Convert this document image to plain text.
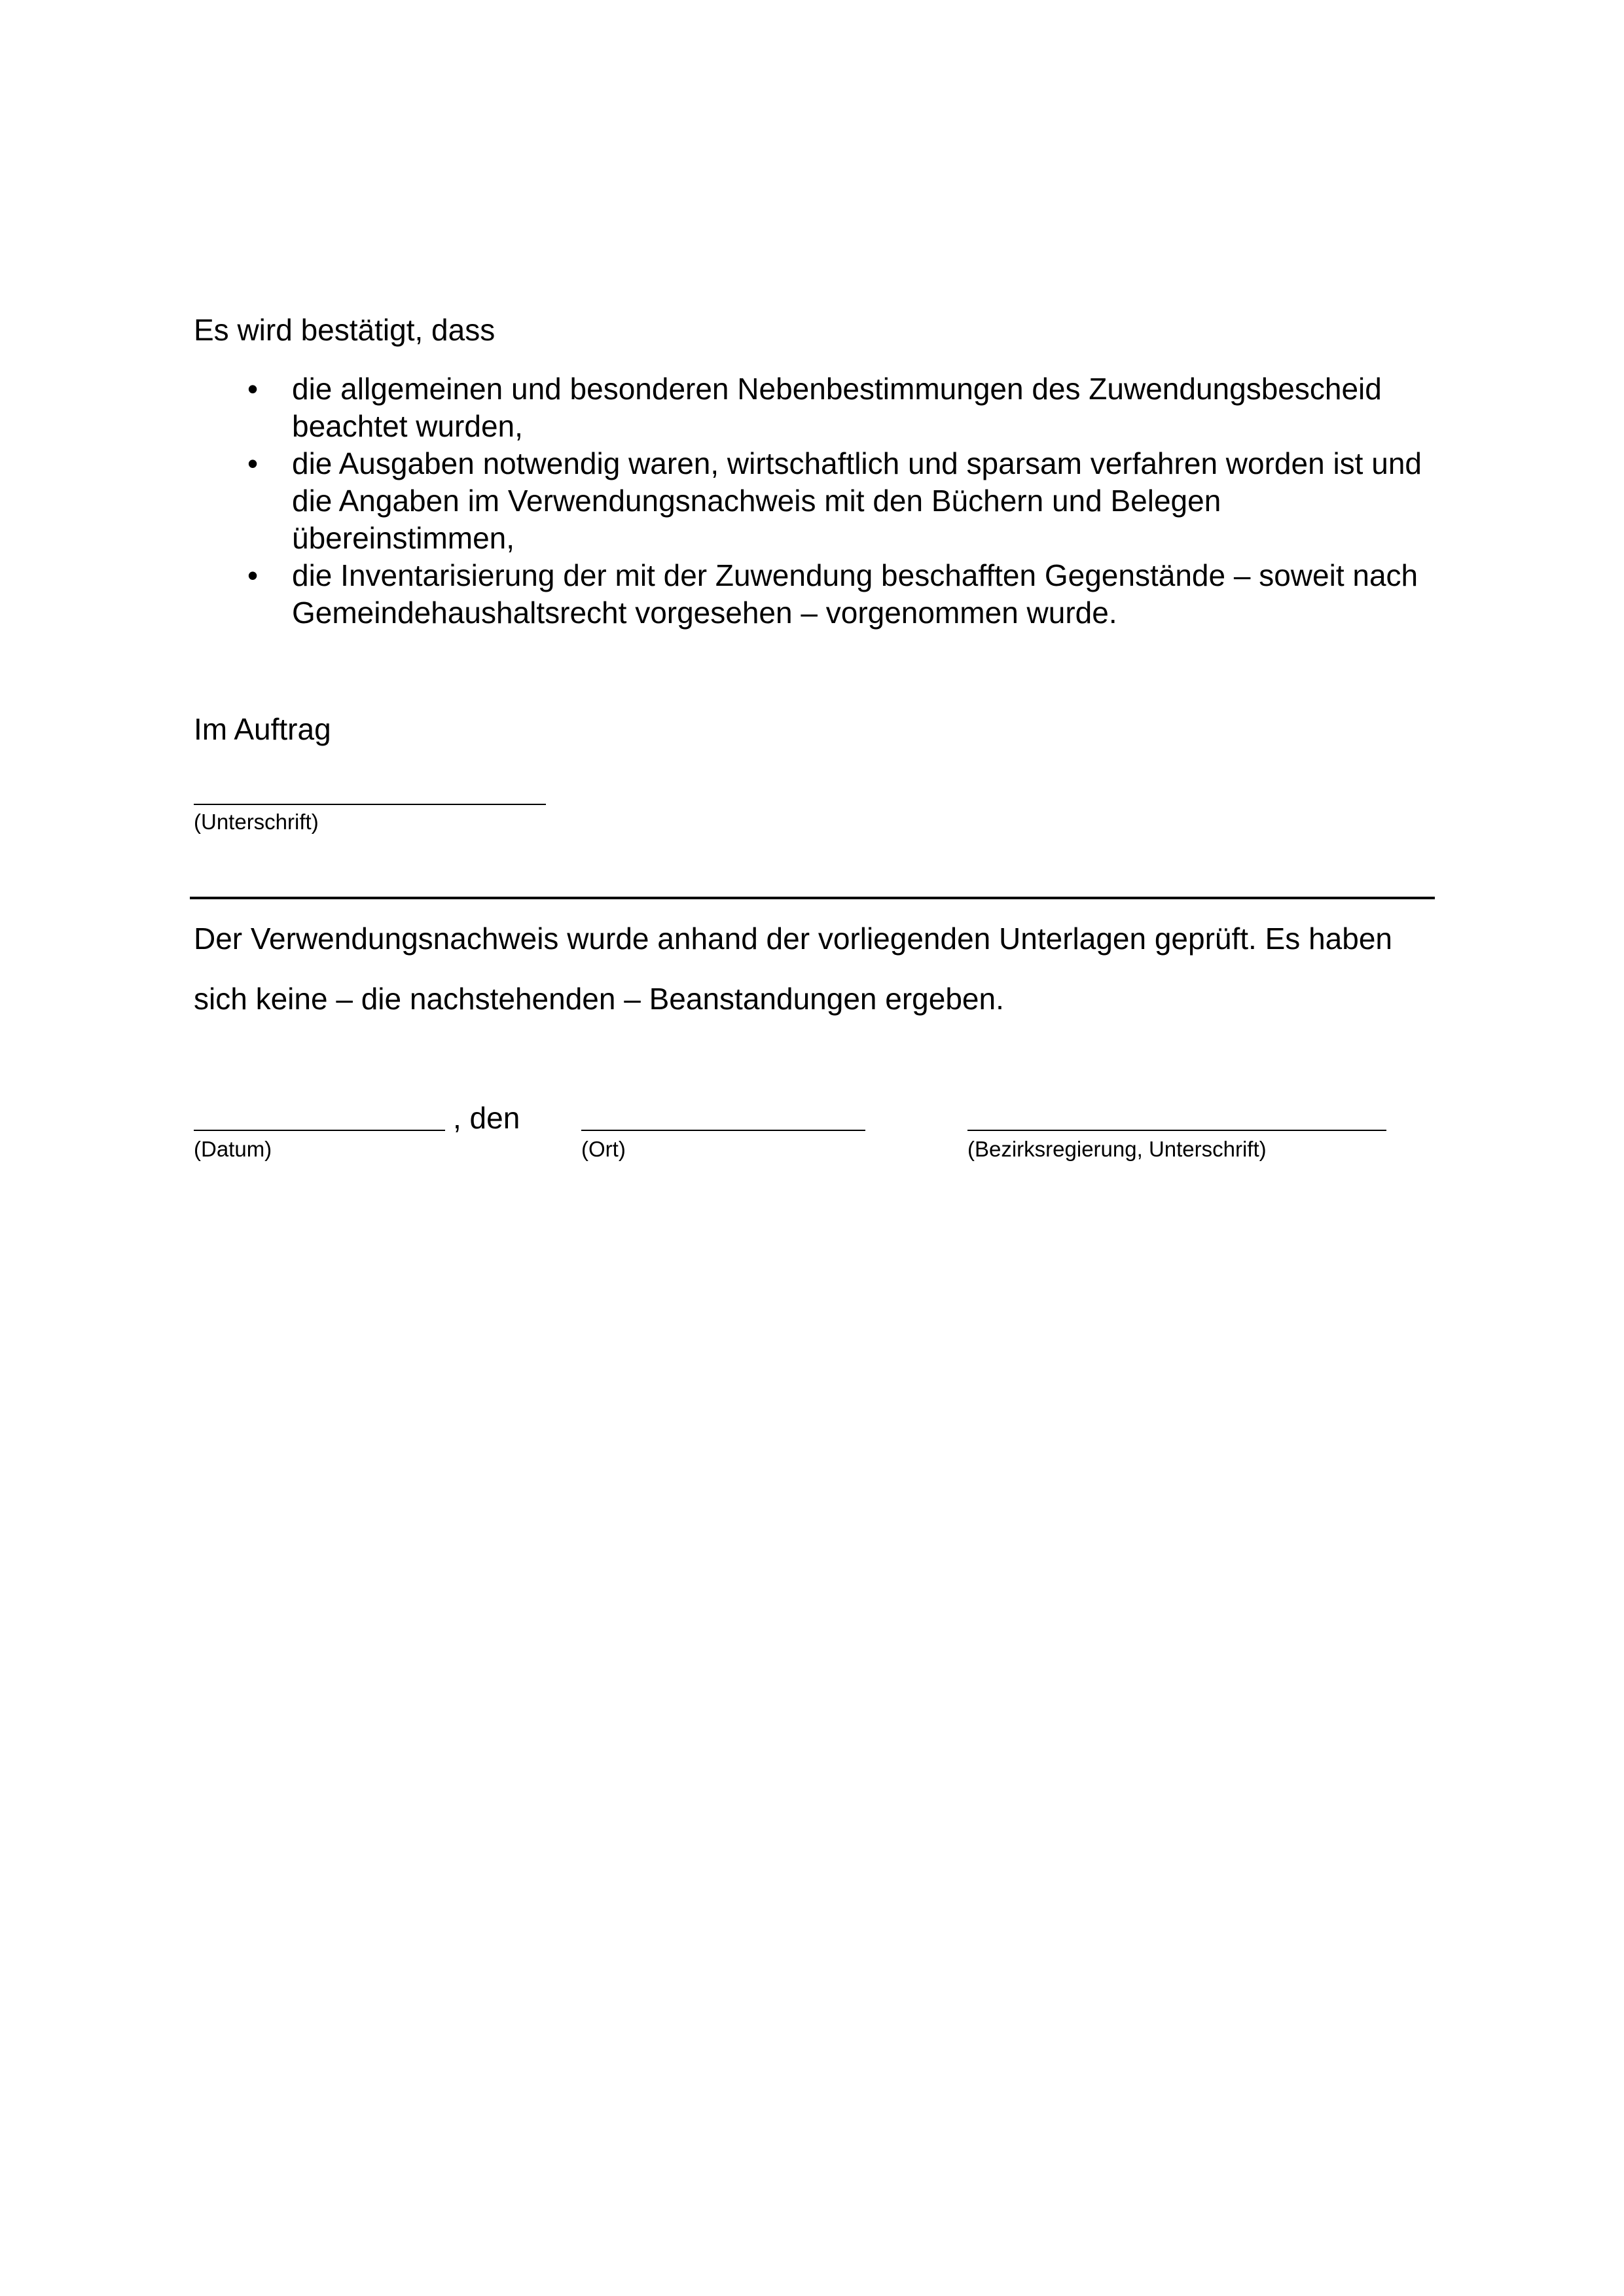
Es wird bestätigt, dass
• die allgemeinen und besonderen Nebenbestimmungen des Zuwendungsbescheid
beachtet wurden,
• die Ausgaben notwendig waren, wirtschaftlich und sparsam verfahren worden ist und
die Angaben im Verwendungsnachweis mit den Büchern und Belegen
übereinstimmen,
• die Inventarisierung der mit der Zuwendung beschafften Gegenstände – soweit nach
Gemeindehaushaltsrecht vorgesehen – vorgenommen wurde.
Im Auftrag
(Unterschrift)
Der Verwendungsnachweis wurde anhand der vorliegenden Unterlagen geprüft. Es haben
sich keine – die nachstehenden – Beanstandungen ergeben.
, den
(Datum)	(Ort)	(Bezirksregierung, Unterschrift)
